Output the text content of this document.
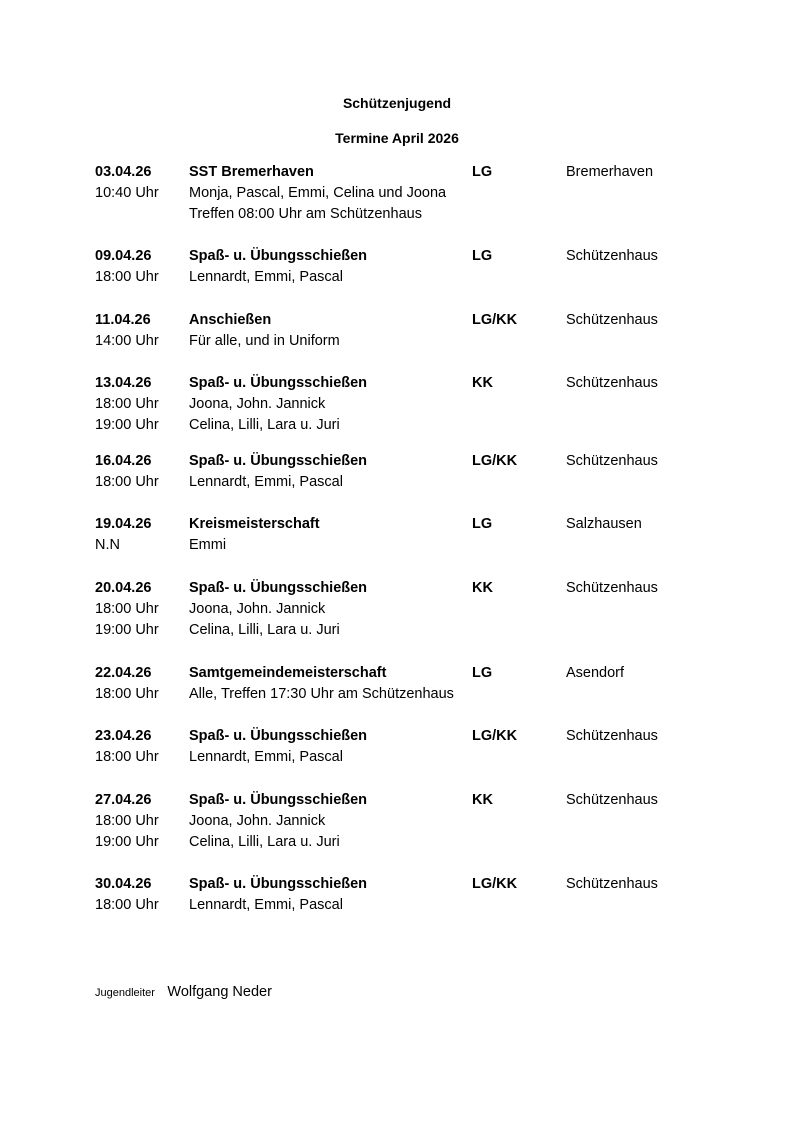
Schützenjugend
Termine April 2026
03.04.26	SST Bremerhaven	LG	Bremerhaven
10:40 Uhr Monja, Pascal, Emmi, Celina und Joona
Treffen 08:00 Uhr am Schützenhaus
09.04.26	Spaß- u. Übungsschießen	LG	Schützenhaus
18:00 Uhr Lennardt, Emmi, Pascal
11.04.26	Anschießen	LG/KK	Schützenhaus
14:00 Uhr Für alle, und in Uniform
13.04.26	Spaß- u. Übungsschießen	KK	Schützenhaus
18:00 Uhr Joona, John. Jannick
19:00 Uhr Celina, Lilli, Lara u. Juri
16.04.26	Spaß- u. Übungsschießen	LG/KK	Schützenhaus
18:00 Uhr Lennardt, Emmi, Pascal
19.04.26	Kreismeisterschaft	LG	Salzhausen
N.N	Emmi
20.04.26	Spaß- u. Übungsschießen	KK	Schützenhaus
18:00 Uhr Joona, John. Jannick
19:00 Uhr Celina, Lilli, Lara u. Juri
22.04.26	Samtgemeindemeisterschaft	LG	Asendorf
18:00 Uhr Alle, Treffen 17:30 Uhr am Schützenhaus
23.04.26	Spaß- u. Übungsschießen	LG/KK	Schützenhaus
18:00 Uhr Lennardt, Emmi, Pascal
27.04.26	Spaß- u. Übungsschießen	KK	Schützenhaus
18:00 Uhr Joona, John. Jannick
19:00 Uhr Celina, Lilli, Lara u. Juri
30.04.26	Spaß- u. Übungsschießen	LG/KK	Schützenhaus
18:00 Uhr Lennardt, Emmi, Pascal
Jugendleiter Wolfgang Neder
